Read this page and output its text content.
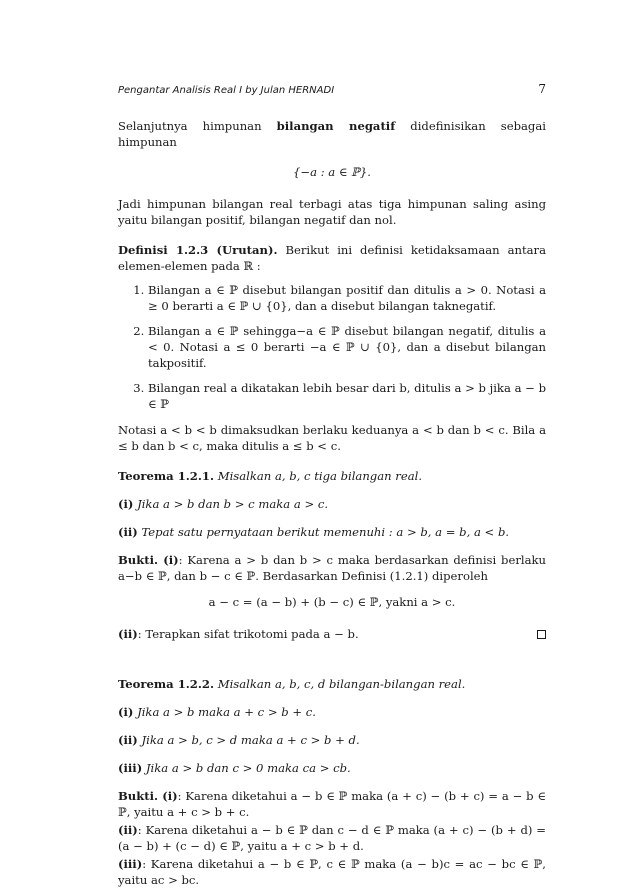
Pengantar Analisis Real I by Julan HERNADI	7

Selanjutnya himpunan bilangan negatif didefinisikan sebagai himpunan

{−a : a ∈ ℙ}.

Jadi himpunan bilangan real terbagi atas tiga himpunan saling asing yaitu bilangan positif, bilangan negatif dan nol.

Definisi 1.2.3 (Urutan). Berikut ini definisi ketidaksamaan antara elemen-elemen pada ℝ :

1. Bilangan a ∈ ℙ disebut bilangan positif dan ditulis a > 0. Notasi a ≥ 0 berarti a ∈ ℙ ∪ {0}, dan a disebut bilangan taknegatif.
2. Bilangan a ∈ ℙ sehingga−a ∈ ℙ disebut bilangan negatif, ditulis a < 0. Notasi a ≤ 0 berarti −a ∈ ℙ ∪ {0}, dan a disebut bilangan takpositif.
3. Bilangan real a dikatakan lebih besar dari b, ditulis a > b jika a − b ∈ ℙ

Notasi a < b < b dimaksudkan berlaku keduanya a < b dan b < c. Bila a ≤ b dan b < c, maka ditulis a ≤ b < c.

Teorema 1.2.1. Misalkan a, b, c tiga bilangan real.
(i) Jika a > b dan b > c maka a > c.
(ii) Tepat satu pernyataan berikut memenuhi : a > b, a = b, a < b.

Bukti. (i): Karena a > b dan b > c maka berdasarkan definisi berlaku a−b ∈ ℙ, dan b − c ∈ ℙ. Berdasarkan Definisi (1.2.1) diperoleh

a − c = (a − b) + (b − c) ∈ ℙ, yakni a > c.
(ii): Terapkan sifat trikotomi pada a − b.
Teorema 1.2.2. Misalkan a, b, c, d bilangan-bilangan real.
(i) Jika a > b maka a + c > b + c.
(ii) Jika a > b, c > d maka a + c > b + d.
(iii) Jika a > b dan c > 0 maka ca > cb.

Bukti. (i): Karena diketahui a − b ∈ ℙ maka (a + c) − (b + c) = a − b ∈ ℙ, yaitu a + c > b + c.

(ii): Karena diketahui a − b ∈ ℙ dan c − d ∈ ℙ maka (a + c) − (b + d) = (a − b) + (c − d) ∈ ℙ, yaitu a + c > b + d.

(iii): Karena diketahui a − b ∈ ℙ, c ∈ ℙ maka (a − b)c = ac − bc ∈ ℙ, yaitu ac > bc.
